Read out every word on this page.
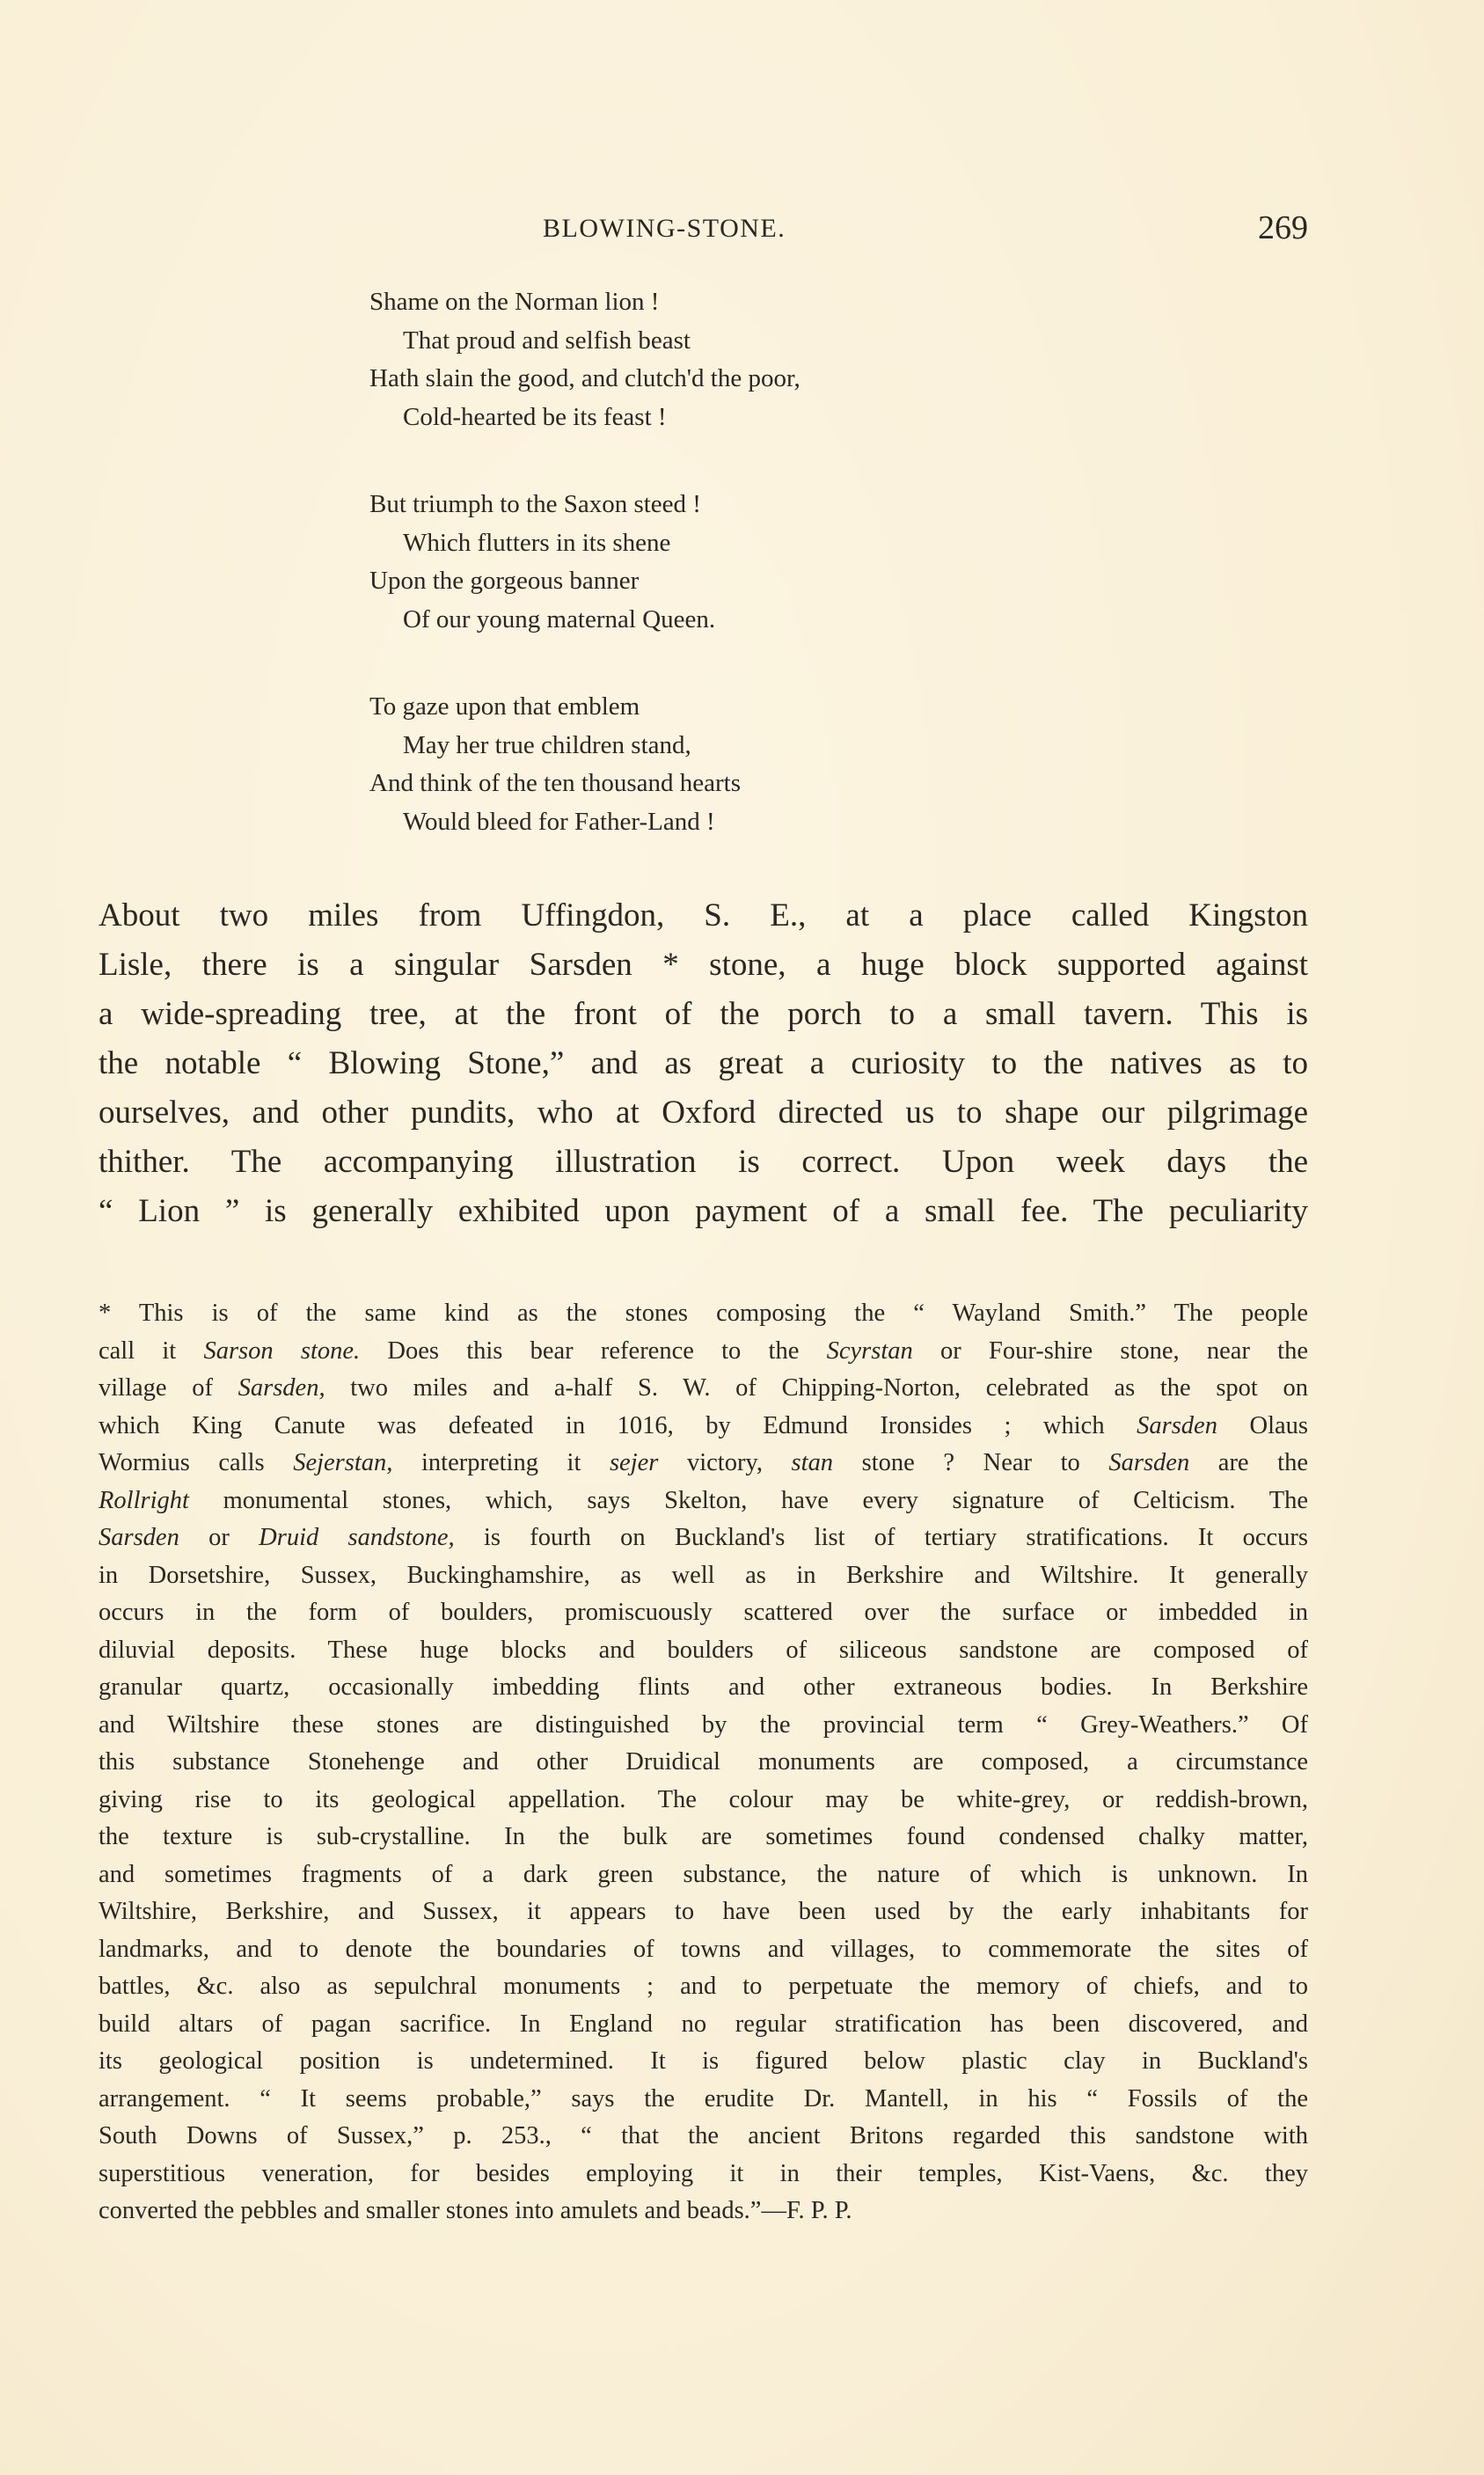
BLOWING-STONE.	269
Shame on the Norman lion !
That proud and selfish beast
Hath slain the good, and clutch'd the poor,
Cold-hearted be its feast !
But triumph to the Saxon steed !
Which flutters in its shene
Upon the gorgeous banner
Of our young maternal Queen.
To gaze upon that emblem
May her true children stand,
And think of the ten thousand hearts
Would bleed for Father-Land !
About two miles from Uffingdon, S. E., at a place called Kingston
Lisle, there is a singular Sarsden * stone, a huge block supported against
a wide-spreading tree, at the front of the porch to a small tavern. This is
the notable “ Blowing Stone,” and as great a curiosity to the natives as to
ourselves, and other pundits, who at Oxford directed us to shape our pilgrimage
thither. The accompanying illustration is correct. Upon week days the
“ Lion ” is generally exhibited upon payment of a small fee. The peculiarity
* This is of the same kind as the stones composing the “ Wayland Smith.” The people
call it Sarson stone. Does this bear reference to the Scyrstan or Four-shire stone, near the
village of Sarsden, two miles and a-half S. W. of Chipping-Norton, celebrated as the spot on
which King Canute was defeated in 1016, by Edmund Ironsides ; which Sarsden Olaus
Wormius calls Sejerstan, interpreting it sejer victory, stan stone ? Near to Sarsden are the
Rollright monumental stones, which, says Skelton, have every signature of Celticism. The
Sarsden or Druid sandstone, is fourth on Buckland's list of tertiary stratifications. It occurs
in Dorsetshire, Sussex, Buckinghamshire, as well as in Berkshire and Wiltshire. It generally
occurs in the form of boulders, promiscuously scattered over the surface or imbedded in
diluvial deposits. These huge blocks and boulders of siliceous sandstone are composed of
granular quartz, occasionally imbedding flints and other extraneous bodies. In Berkshire
and Wiltshire these stones are distinguished by the provincial term “ Grey-Weathers.” Of
this substance Stonehenge and other Druidical monuments are composed, a circumstance
giving rise to its geological appellation. The colour may be white-grey, or reddish-brown,
the texture is sub-crystalline. In the bulk are sometimes found condensed chalky matter,
and sometimes fragments of a dark green substance, the nature of which is unknown. In
Wiltshire, Berkshire, and Sussex, it appears to have been used by the early inhabitants for
landmarks, and to denote the boundaries of towns and villages, to commemorate the sites of
battles, &c. also as sepulchral monuments ; and to perpetuate the memory of chiefs, and to
build altars of pagan sacrifice. In England no regular stratification has been discovered, and
its geological position is undetermined. It is figured below plastic clay in Buckland's
arrangement. “ It seems probable,” says the erudite Dr. Mantell, in his “ Fossils of the
South Downs of Sussex,” p. 253., “ that the ancient Britons regarded this sandstone with
superstitious veneration, for besides employing it in their temples, Kist-Vaens, &c. they
converted the pebbles and smaller stones into amulets and beads.”—F. P. P.
